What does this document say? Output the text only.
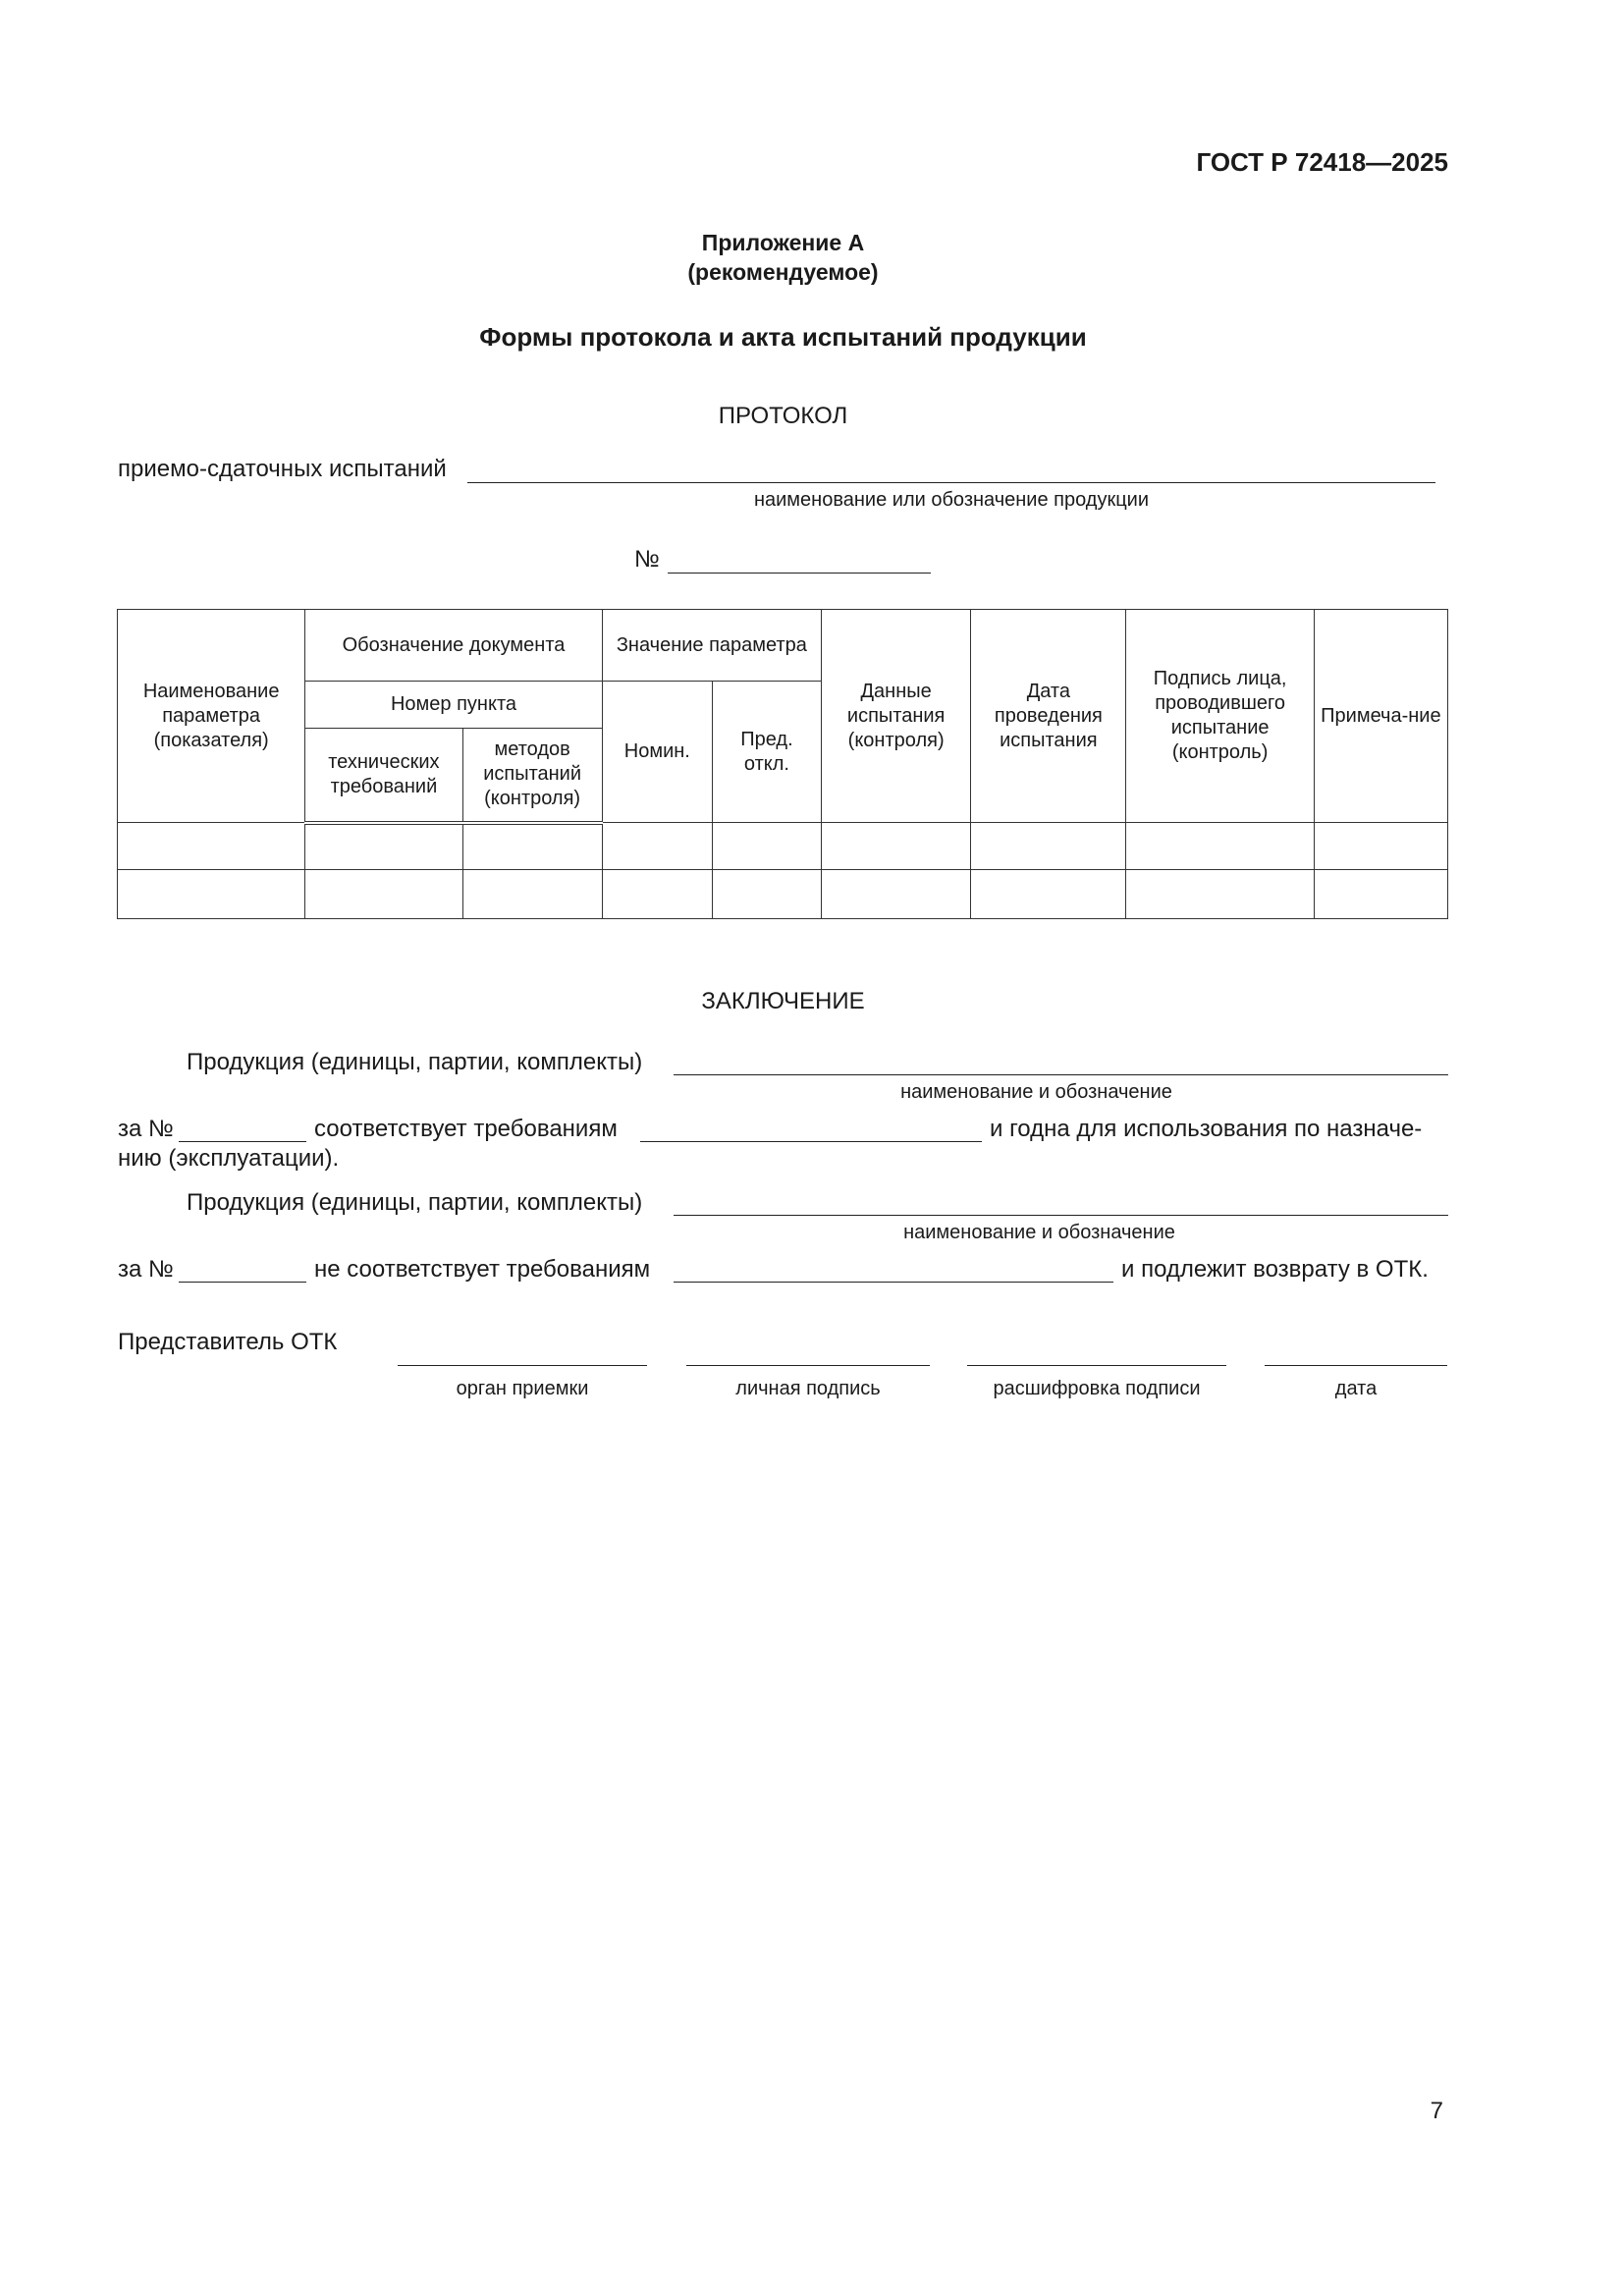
ГОСТ Р 72418—2025
Приложение А
(рекомендуемое)
Формы протокола и акта испытаний продукции
ПРОТОКОЛ
приемо-сдаточных испытаний
наименование или обозначение продукции
№
Наименование параметра (показателя)	Обозначение документа		Значение параметра		Данные испытания (контроля)	Дата проведения испытания	Подпись лица, проводившего испытание (контроль)	Примеча-ние
	Номер пункта		Номин.	Пред. откл.				
	технических требований	методов испытаний (контроля)						

ЗАКЛЮЧЕНИЕ
Продукция (единицы, партии, комплекты)
наименование и обозначение
за №	соответствует требованиям	и годна для использования по назначе-
нию (эксплуатации).
Продукция (единицы, партии, комплекты)
наименование и обозначение
за №	не соответствует требованиям	и подлежит возврату в ОТК.
Представитель ОТК
орган приемки	личная подпись	расшифровка подписи	дата
7
